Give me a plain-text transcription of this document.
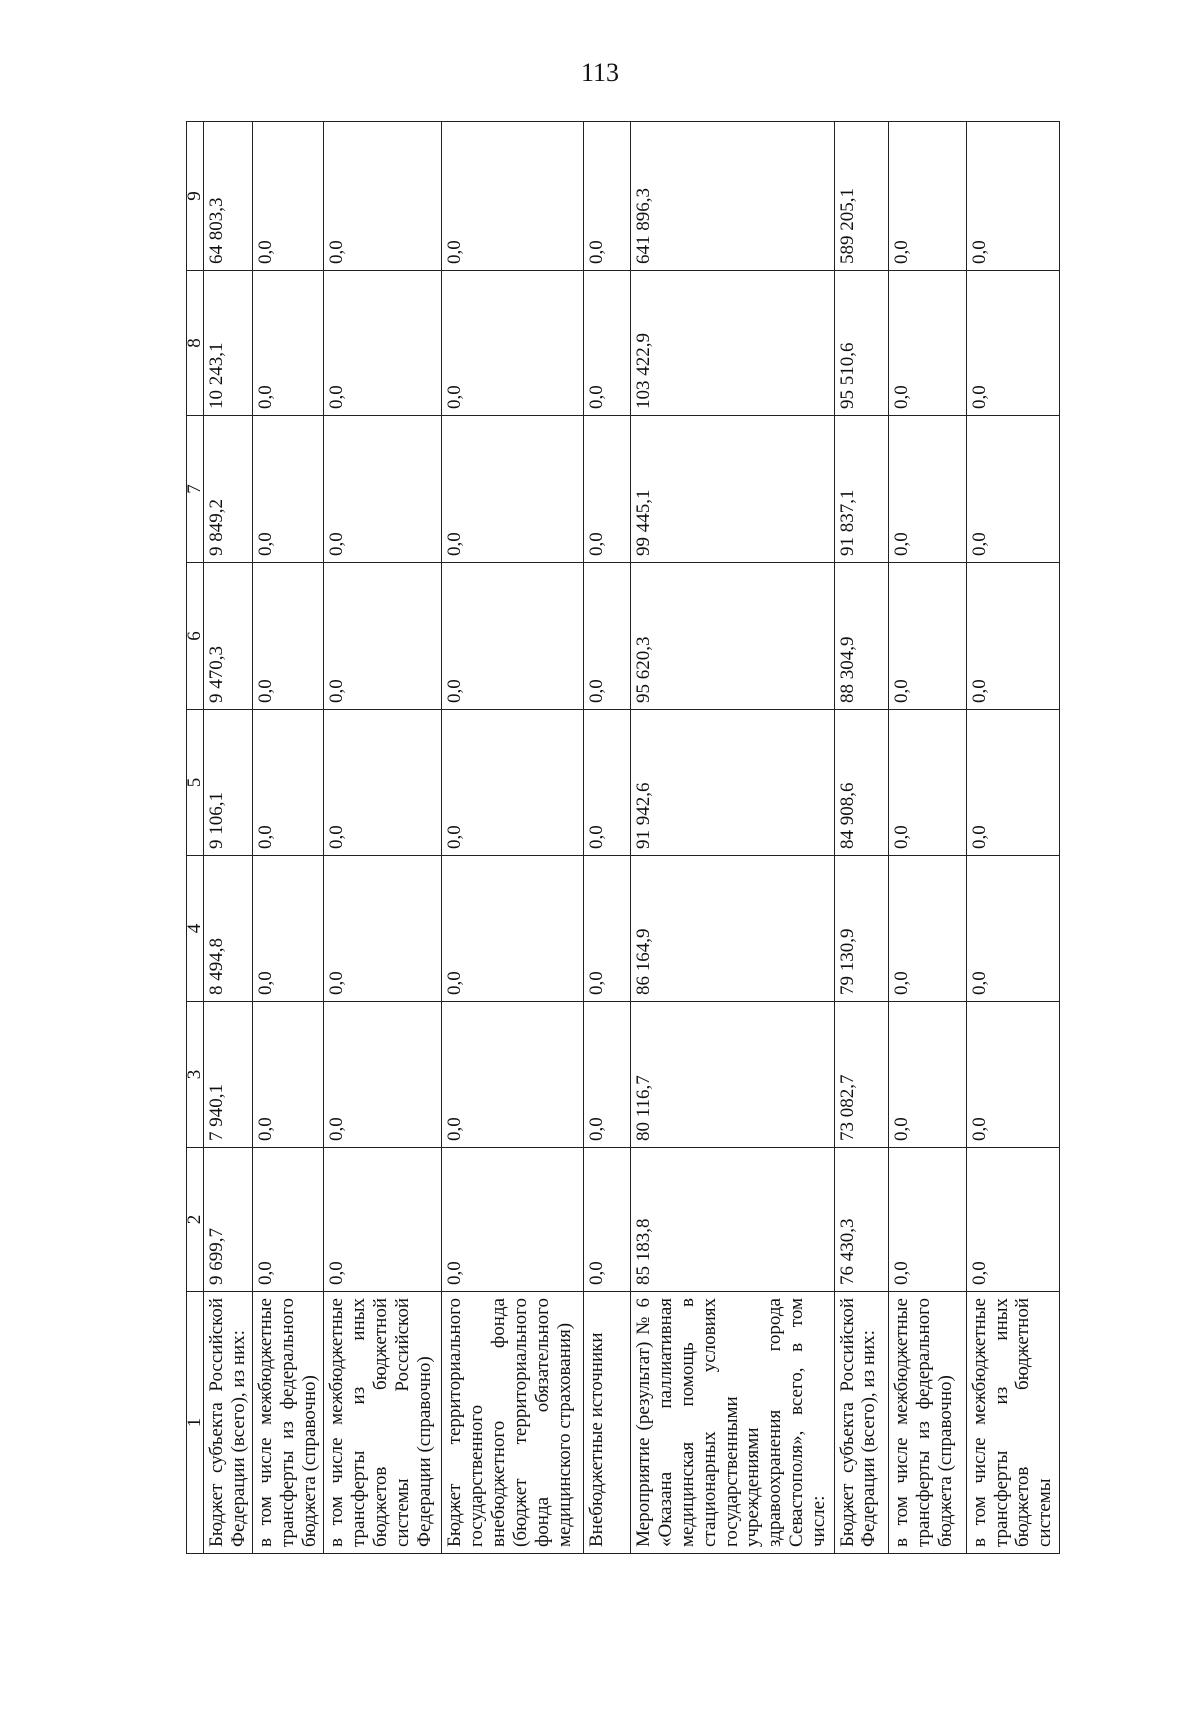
113
1	2	3	4	5	6	7	8	9
Бюджет субъекта Российской Федерации (всего), из них:	9 699,7	7 940,1	8 494,8	9 106,1	9 470,3	9 849,2	10 243,1	64 803,3
в том числе межбюджетные трансферты из федерального бюджета (справочно)	0,0	0,0	0,0	0,0	0,0	0,0	0,0	0,0
в том числе межбюджетные трансферты из иных бюджетов бюджетной системы Российской Федерации (справочно)	0,0	0,0	0,0	0,0	0,0	0,0	0,0	0,0
Бюджет территориального государственного внебюджетного фонда (бюджет территориального фонда обязательного медицинского страхования)	0,0	0,0	0,0	0,0	0,0	0,0	0,0	0,0
Внебюджетные источники	0,0	0,0	0,0	0,0	0,0	0,0	0,0	0,0
Мероприятие (результат) № 6 «Оказана паллиативная медицинская помощь в стационарных условиях государственными учреждениями здравоохранения города Севастополя», всего, в том числе:	85 183,8	80 116,7	86 164,9	91 942,6	95 620,3	99 445,1	103 422,9	641 896,3
Бюджет субъекта Российской Федерации (всего), из них:	76 430,3	73 082,7	79 130,9	84 908,6	88 304,9	91 837,1	95 510,6	589 205,1
в том числе межбюджетные трансферты из федерального бюджета (справочно)	0,0	0,0	0,0	0,0	0,0	0,0	0,0	0,0
в том числе межбюджетные трансферты из иных бюджетов бюджетной системы	0,0	0,0	0,0	0,0	0,0	0,0	0,0	0,0
